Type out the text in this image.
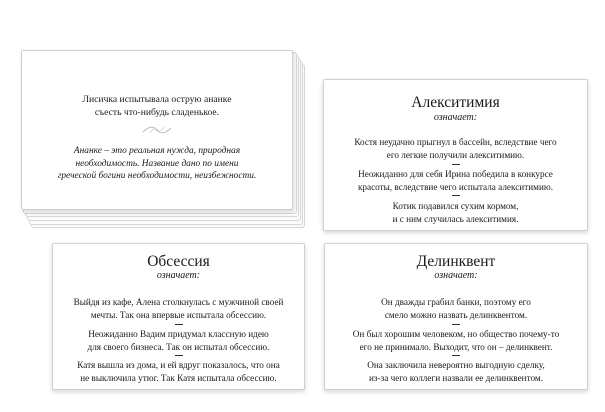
Лисичка испытывала острую ананке
съесть что-нибудь сладенькое.
Ананке – это реальная нужда, природная
необходимость. Название дано по имени
греческой богини необходимости, неизбежности.
Алекситимия
означает:
Костя неудачно прыгнул в бассейн, вследствие чего
его легкие получили алекситимию.
Неожиданно для себя Ирина победила в конкурсе
красоты, вследствие чего испытала алекситимию.
Котик подавился сухим кормом,
и с ним случилась алекситимия.
Обсессия
означает:
Выйдя из кафе, Алена столкнулась с мужчиной своей
мечты. Так она впервые испытала обсессию.
Неожиданно Вадим придумал классную идею
для своего бизнеса. Так он испытал обсессию.
Катя вышла из дома, и ей вдруг показалось, что она
не выключила утюг. Так Катя испытала обсессию.
Делинквент
означает:
Он дважды грабил банки, поэтому его
смело можно назвать делинквентом.
Он был хорошим человеком, но общество почему-то
его не принимало. Выходит, что он – делинквент.
Она заключила невероятно выгодную сделку,
из-за чего коллеги назвали ее делинквентом.
